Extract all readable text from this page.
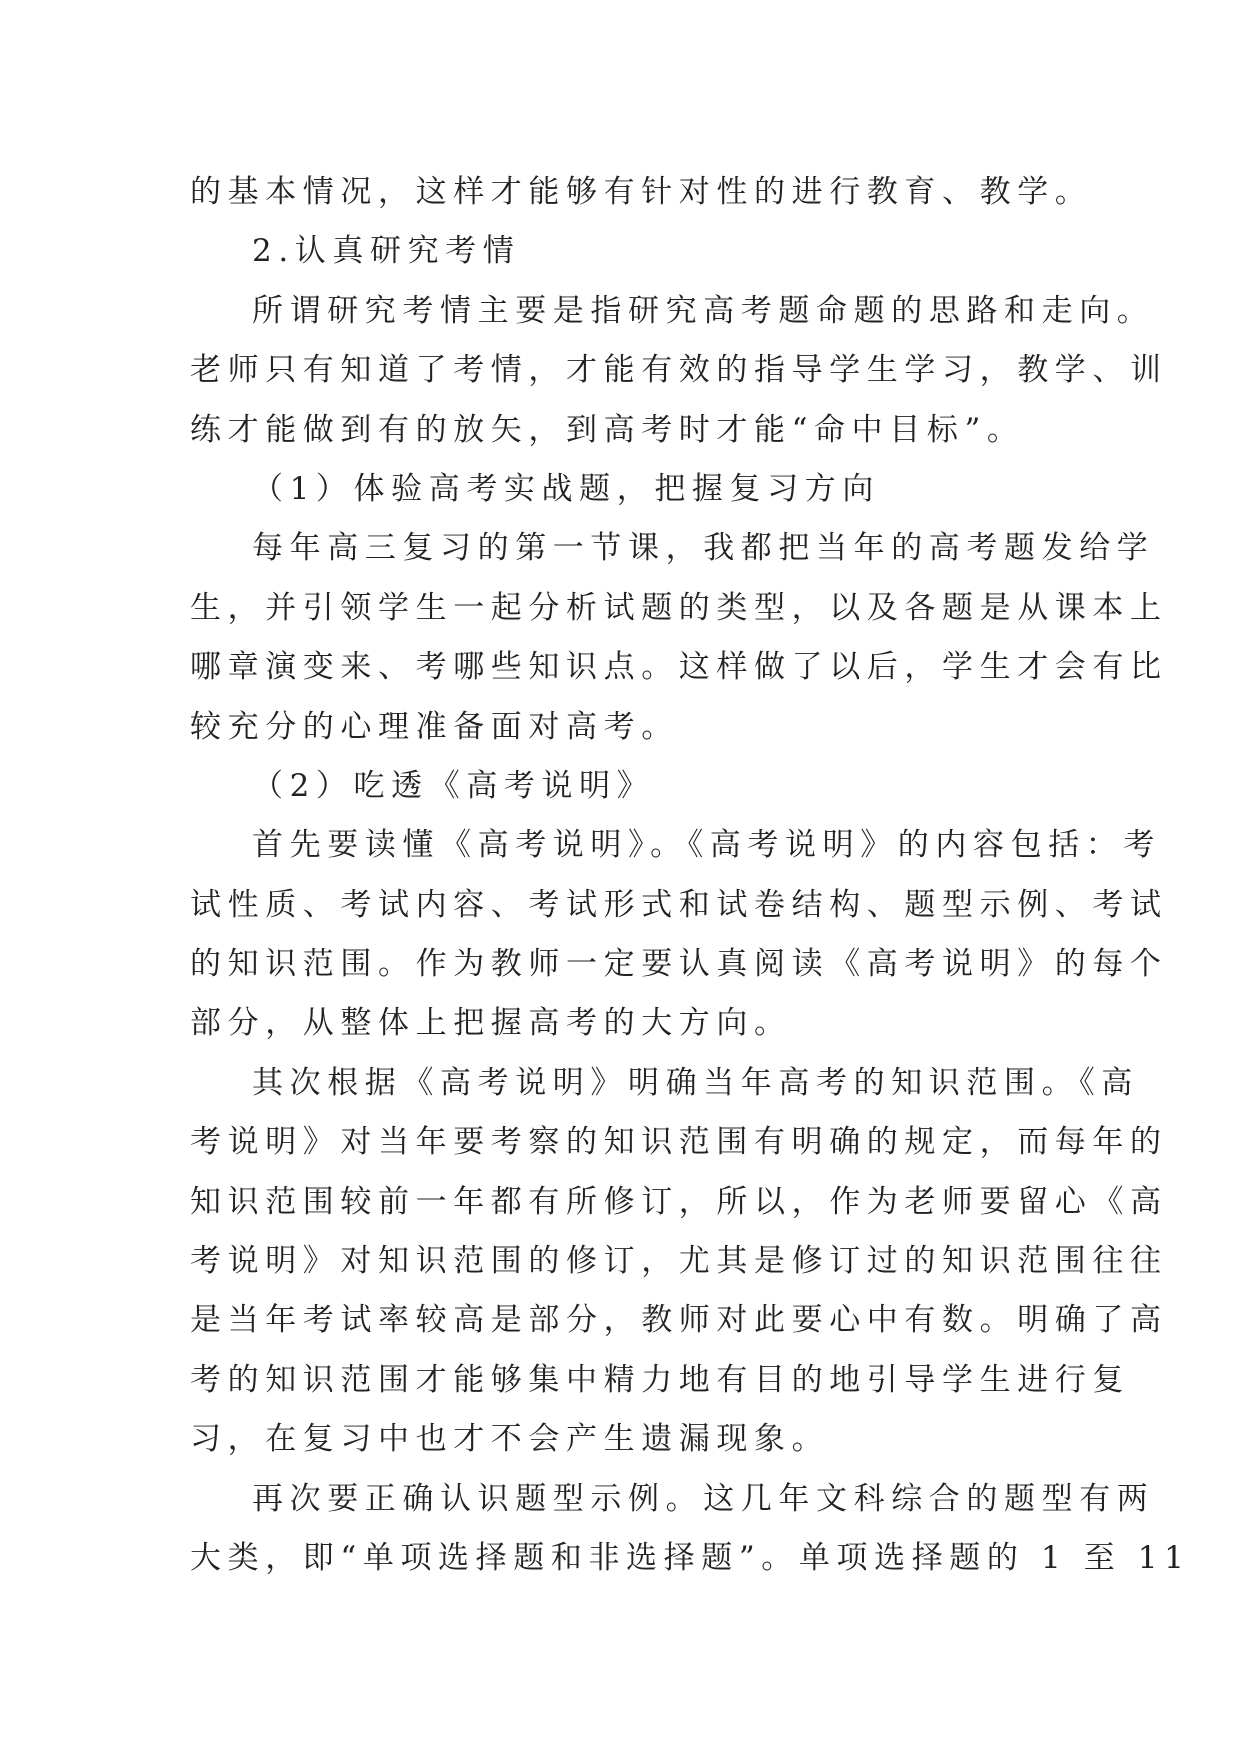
的基本情况，这样才能够有针对性的进行教育、教学。
2.认真研究考情
所谓研究考情主要是指研究高考题命题的思路和走向。
老师只有知道了考情，才能有效的指导学生学习，教学、训
练才能做到有的放矢，到高考时才能“命中目标”。
（1）体验高考实战题，把握复习方向
每年高三复习的第一节课，我都把当年的高考题发给学
生，并引领学生一起分析试题的类型，以及各题是从课本上
哪章演变来、考哪些知识点。这样做了以后，学生才会有比
较充分的心理准备面对高考。
（2）吃透《高考说明》
首先要读懂《高考说明》。《高考说明》的内容包括：考
试性质、考试内容、考试形式和试卷结构、题型示例、考试
的知识范围。作为教师一定要认真阅读《高考说明》的每个
部分，从整体上把握高考的大方向。
其次根据《高考说明》明确当年高考的知识范围。《高
考说明》对当年要考察的知识范围有明确的规定，而每年的
知识范围较前一年都有所修订，所以，作为老师要留心《高
考说明》对知识范围的修订，尤其是修订过的知识范围往往
是当年考试率较高是部分，教师对此要心中有数。明确了高
考的知识范围才能够集中精力地有目的地引导学生进行复
习，在复习中也才不会产生遗漏现象。
再次要正确认识题型示例。这几年文科综合的题型有两
大类，即“单项选择题和非选择题”。单项选择题的 1 至 11
